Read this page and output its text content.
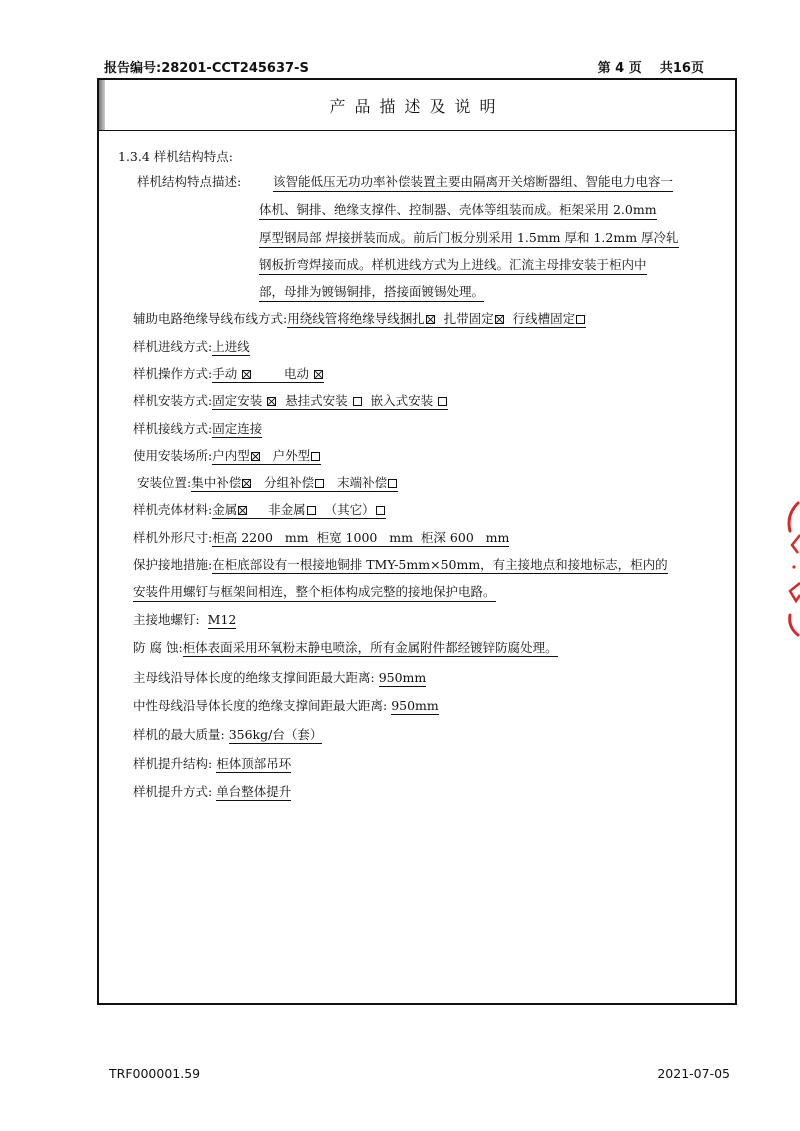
报告编号:28201-CCT245637-S	第 4 页 共16页
产品描述及说明
1.3.4 样机结构特点:
样机结构特点描述:	该智能低压无功功率补偿装置主要由隔离开关熔断器组、智能电力电容一
体机、铜排、绝缘支撑件、控制器、壳体等组装而成。柜架采用 2.0mm
厚型钢局部 焊接拼装而成。前后门板分别采用 1.5mm 厚和 1.2mm 厚冷轧
钢板折弯焊接而成。样机进线方式为上进线。汇流主母排安装于柜内中
部，母排为镀锡铜排，搭接面镀锡处理。
辅助电路绝缘导线布线方式:用绕线管将绝缘导线捆扎 扎带固定 行线槽固定
样机进线方式:上进线
样机操作方式:手动	电动
样机安装方式:固定安装 悬挂式安装 嵌入式安装
样机接线方式:固定连接
使用安装场所:户内型 户外型
安装位置:集中补偿 分组补偿 末端补偿
样机壳体材料:金属 非金属 （其它）
样机外形尺寸:柜高 2200   mm  柜宽 1000   mm  柜深 600   mm
保护接地措施:在柜底部设有一根接地铜排 TMY-5mm×50mm，有主接地点和接地标志，柜内的
安装件用螺钉与框架间相连，整个柜体构成完整的接地保护电路。
主接地螺钉: M12
防 腐 蚀:柜体表面采用环氧粉末静电喷涂，所有金属附件都经镀锌防腐处理。
主母线沿导体长度的绝缘支撑间距最大距离: 950mm
中性母线沿导体长度的绝缘支撑间距最大距离: 950mm
样机的最大质量: 356kg/台（套）
样机提升结构: 柜体顶部吊环
样机提升方式: 单台整体提升
TRF000001.59	2021-07-05
